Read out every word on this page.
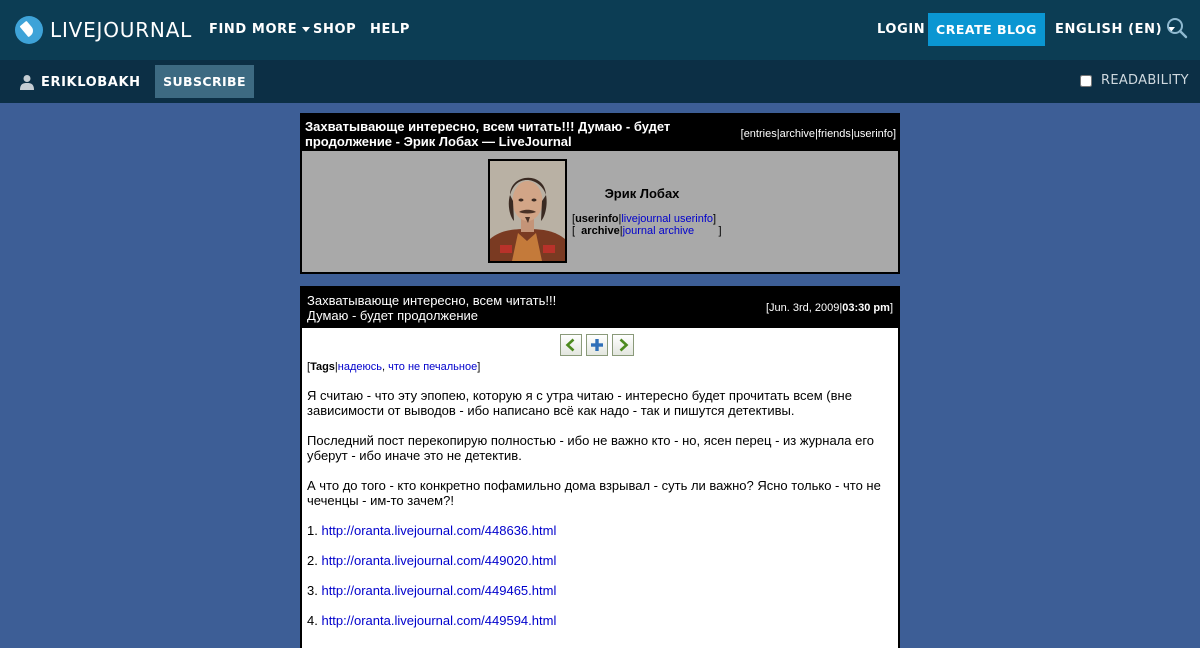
LIVEJOURNAL FIND MORE	SHOP HELP	LOGIN CREATE BLOG	ENGLISH (EN)
ERIKLOBAKH	SUBSCRIBE	READABILITY
Захватывающе интересно, всем читать!!! Думаю - будет продолжение - Эрик Лобах — LiveJournal	[entries|archive|friends|userinfo]
Эрик Лобах
[userinfo|livejournal userinfo]
[  archive|journal archive        ]
Захватывающе интересно, всем читать!!!
Думаю - будет продолжение	[Jun. 3rd, 2009|03:30 pm]
[Tags|надеюсь, что не печальное]

Я считаю - что эту эпопею, которую я с утра читаю - интересно будет прочитать всем (вне зависимости от выводов - ибо написано всё как надо - так и пишутся детективы.

Последний пост перекопирую полностью - ибо не важно кто - но, ясен перец - из журнала его уберут - ибо иначе это не детектив.

А что до того - кто конкретно пофамильно дома взрывал - суть ли важно? Ясно только - что не чеченцы - им-то зачем?!

1. http://oranta.livejournal.com/448636.html

2. http://oranta.livejournal.com/449020.html

3. http://oranta.livejournal.com/449465.html

4. http://oranta.livejournal.com/449594.html
